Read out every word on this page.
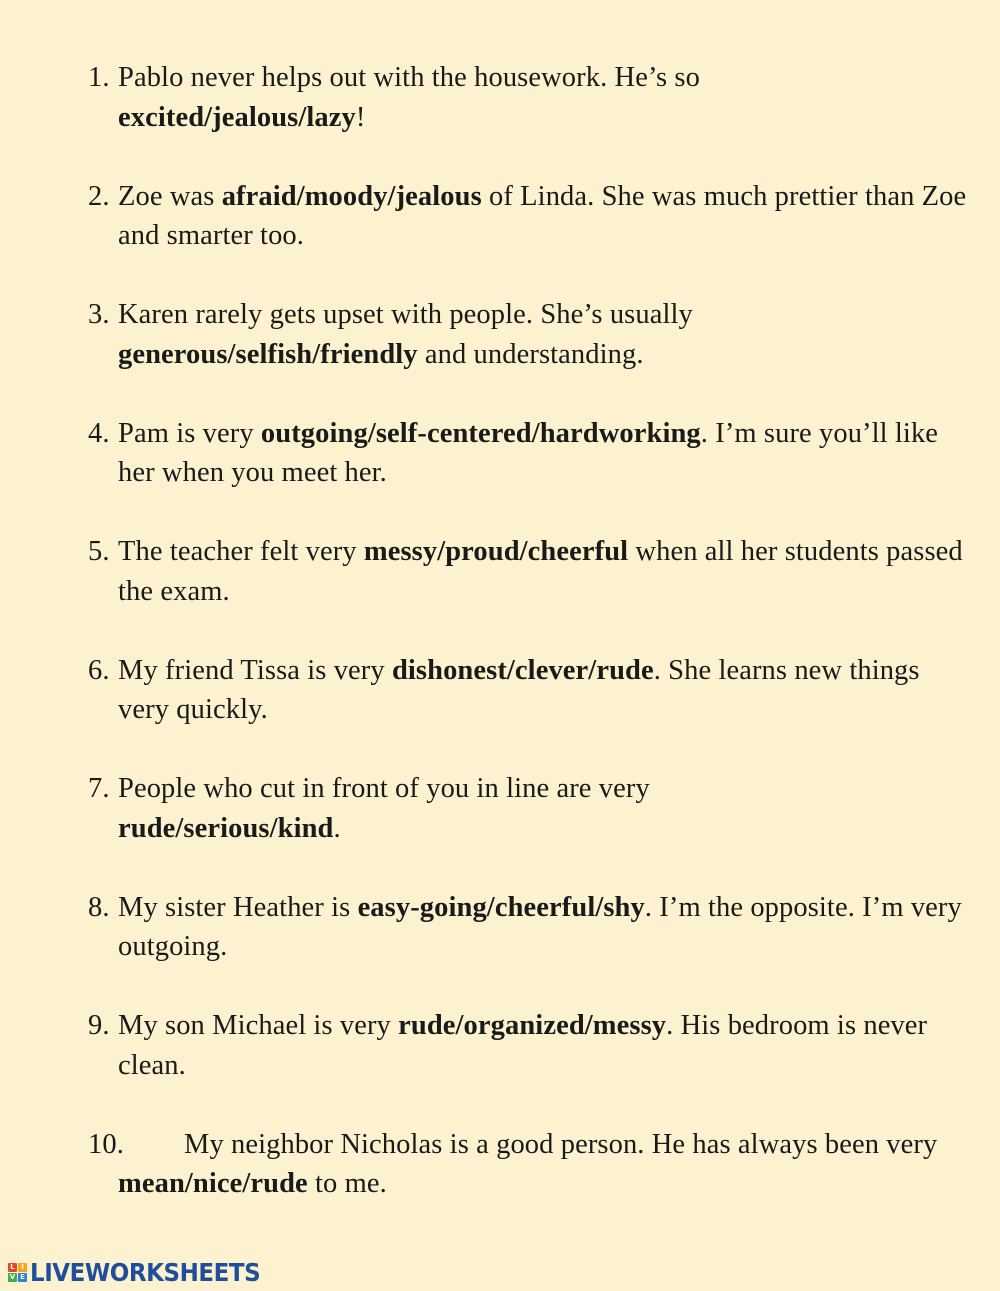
1. Pablo never helps out with the housework. He’s so
excited/jealous/lazy!
2. Zoe was afraid/moody/jealous of Linda. She was much prettier than Zoe and smarter too.
3. Karen rarely gets upset with people. She’s usually
generous/selfish/friendly and understanding.
4. Pam is very outgoing/self-centered/hardworking. I’m sure you’ll like her when you meet her.
5. The teacher felt very messy/proud/cheerful when all her students passed the exam.
6. My friend Tissa is very dishonest/clever/rude. She learns new things very quickly.
7. People who cut in front of you in line are very
rude/serious/kind.
8. My sister Heather is easy-going/cheerful/shy. I’m the opposite. I’m very outgoing.
9. My son Michael is very rude/organized/messy. His bedroom is never clean.
10. My neighbor Nicholas is a good person. He has always been very mean/nice/rude to me.
L I
V E LIVEWORKSHEETS
